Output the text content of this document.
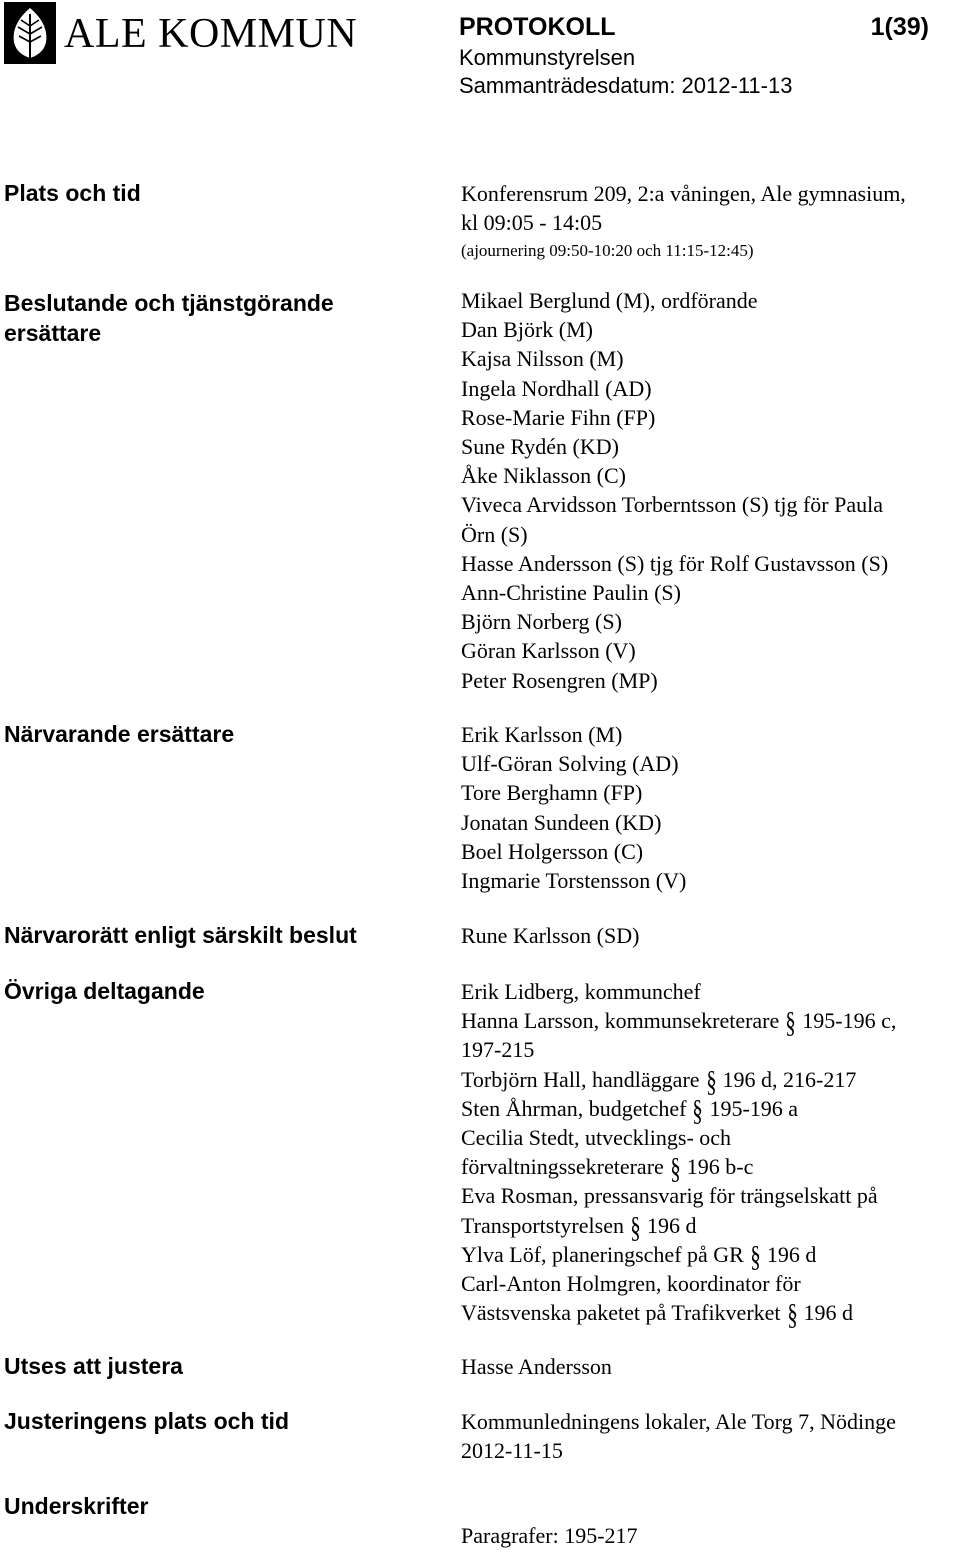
ALE KOMMUN	PROTOKOLL	1(39)
Kommunstyrelsen
Sammanträdesdatum: 2012-11-13
Plats och tid
Beslutande och tjänstgörande
ersättare
Närvarande ersättare
Närvarorätt enligt särskilt beslut
Övriga deltagande
Utses att justera
Justeringens plats och tid
Underskrifter
Konferensrum 209, 2:a våningen, Ale gymnasium,
kl 09:05 - 14:05
(ajournering 09:50-10:20 och 11:15-12:45)
Mikael Berglund (M), ordförande
Dan Björk (M)
Kajsa Nilsson (M)
Ingela Nordhall (AD)
Rose-Marie Fihn (FP)
Sune Rydén (KD)
Åke Niklasson (C)
Viveca Arvidsson Torberntsson (S) tjg för Paula
Örn (S)
Hasse Andersson (S) tjg för Rolf Gustavsson (S)
Ann-Christine Paulin (S)
Björn Norberg (S)
Göran Karlsson (V)
Peter Rosengren (MP)
Erik Karlsson (M)
Ulf-Göran Solving (AD)
Tore Berghamn (FP)
Jonatan Sundeen (KD)
Boel Holgersson (C)
Ingmarie Torstensson (V)
Rune Karlsson (SD)
Erik Lidberg, kommunchef
Hanna Larsson, kommunsekreterare § 195-196 c,
197-215
Torbjörn Hall, handläggare § 196 d, 216-217
Sten Åhrman, budgetchef § 195-196 a
Cecilia Stedt, utvecklings- och
förvaltningssekreterare § 196 b-c
Eva Rosman, pressansvarig för trängselskatt på
Transportstyrelsen § 196 d
Ylva Löf, planeringschef på GR § 196 d
Carl-Anton Holmgren, koordinator för
Västsvenska paketet på Trafikverket § 196 d
Hasse Andersson
Kommunledningens lokaler, Ale Torg 7, Nödinge
2012-11-15
Paragrafer: 195-217
